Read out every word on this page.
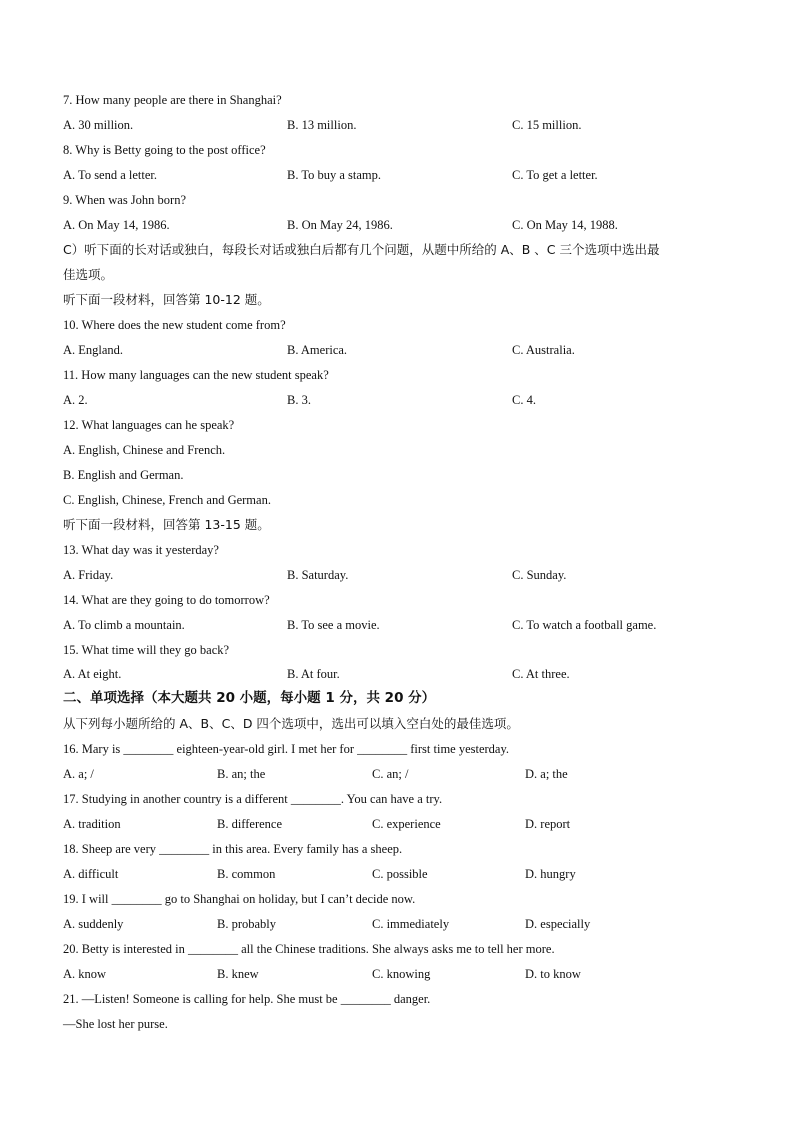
7. How many people are there in Shanghai?
A. 30 million.	B. 13 million.	C. 15 million.
8. Why is Betty going to the post office?
A. To send a letter.	B. To buy a stamp.	C. To get a letter.
9. When was John born?
A. On May 14, 1986.	B. On May 24, 1986.	C. On May 14, 1988.
C）听下面的长对话或独白，每段长对话或独白后都有几个问题，从题中所给的 A、B 、C 三个选项中选出最
佳选项。
听下面一段材料，回答第 10-12 题。
10. Where does the new student come from?
A. England.	B. America.	C. Australia.
11. How many languages can the new student speak?
A. 2.	B. 3.	C. 4.
12. What languages can he speak?
A. English, Chinese and French.
B. English and German.
C. English, Chinese, French and German.
听下面一段材料，回答第 13-15 题。
13. What day was it yesterday?
A. Friday.	B. Saturday.	C. Sunday.
14. What are they going to do tomorrow?
A. To climb a mountain.	B. To see a movie.	C. To watch a football game.
15. What time will they go back?
A. At eight.	B. At four.	C. At three.
二、单项选择（本大题共 20 小题，每小题 1 分，共 20 分）
从下列每小题所给的 A、B、C、D 四个选项中，选出可以填入空白处的最佳选项。
16. Mary is ________ eighteen-year-old girl. I met her for ________ first time yesterday.
A. a; /	B. an; the	C. an; /	D. a; the
17. Studying in another country is a different ________. You can have a try.
A. tradition	B. difference	C. experience	D. report
18. Sheep are very ________ in this area. Every family has a sheep.
A. difficult	B. common	C. possible	D. hungry
19. I will ________ go to Shanghai on holiday, but I can’t decide now.
A. suddenly	B. probably	C. immediately	D. especially
20. Betty is interested in ________ all the Chinese traditions. She always asks me to tell her more.
A. know	B. knew	C. knowing	D. to know
21. —Listen! Someone is calling for help. She must be ________ danger.
—She lost her purse.
